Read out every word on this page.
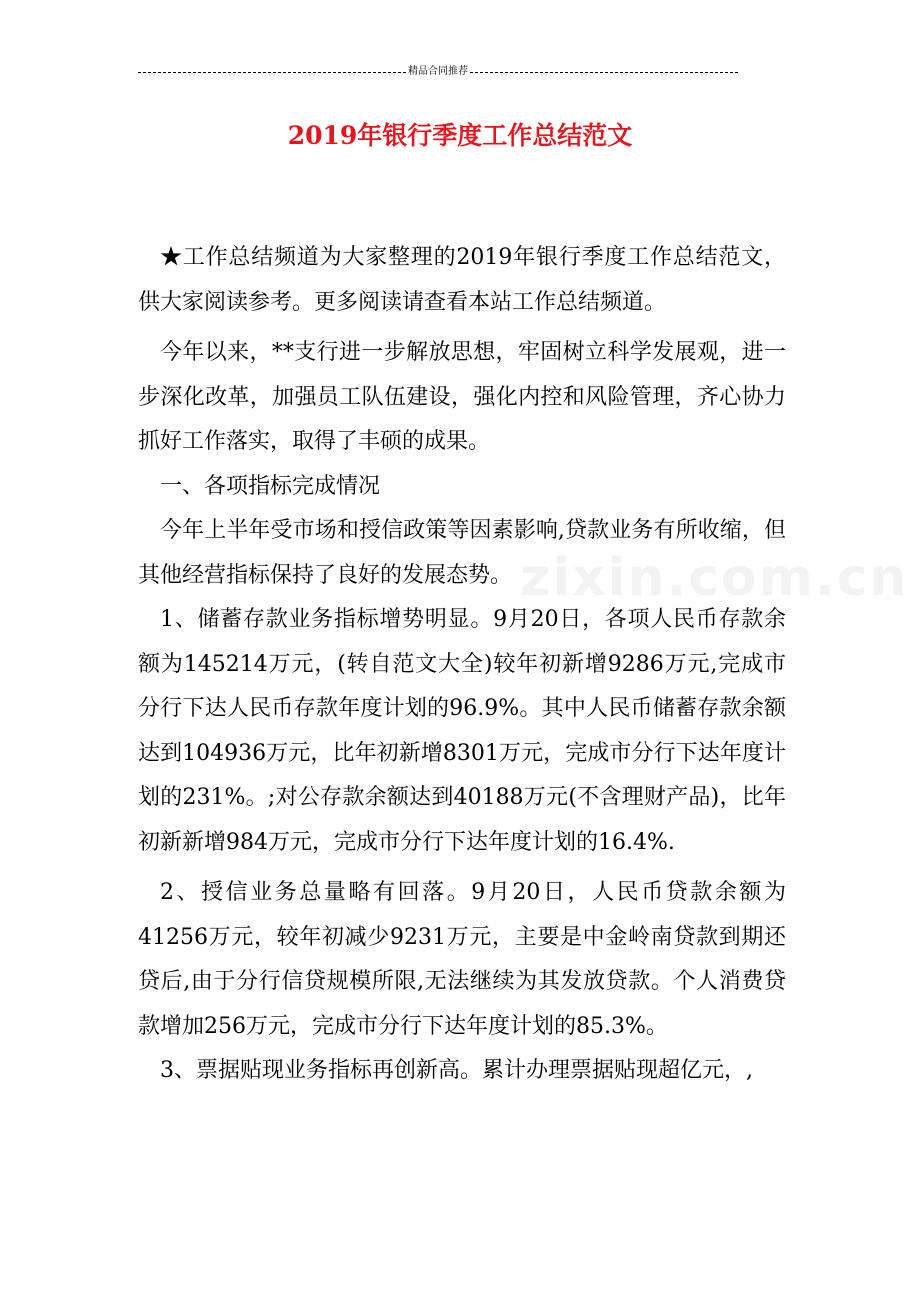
精品合同推荐
2019年银行季度工作总结范文
zixin.com.cn

★工作总结频道为大家整理的2019年银行季度工作总结范文，供大家阅读参考。更多阅读请查看本站工作总结频道。

今年以来，**支行进一步解放思想，牢固树立科学发展观，进一步深化改革，加强员工队伍建设，强化内控和风险管理，齐心协力抓好工作落实，取得了丰硕的成果。

一、各项指标完成情况

今年上半年受市场和授信政策等因素影响,贷款业务有所收缩，但其他经营指标保持了良好的发展态势。

1、储蓄存款业务指标增势明显。9月20日，各项人民币存款余额为145214万元，(转自范文大全)较年初新增9286万元,完成市分行下达人民币存款年度计划的96.9%。其中人民币储蓄存款余额达到104936万元，比年初新增8301万元，完成市分行下达年度计划的231%。;对公存款余额达到40188万元(不含理财产品)，比年初新新增984万元，完成市分行下达年度计划的16.4%.

2、授信业务总量略有回落。9月20日，人民币贷款余额为41256万元，较年初减少9231万元，主要是中金岭南贷款到期还贷后,由于分行信贷规模所限,无法继续为其发放贷款。个人消费贷款增加256万元，完成市分行下达年度计划的85.3%。

3、票据贴现业务指标再创新高。累计办理票据贴现超亿元，,
